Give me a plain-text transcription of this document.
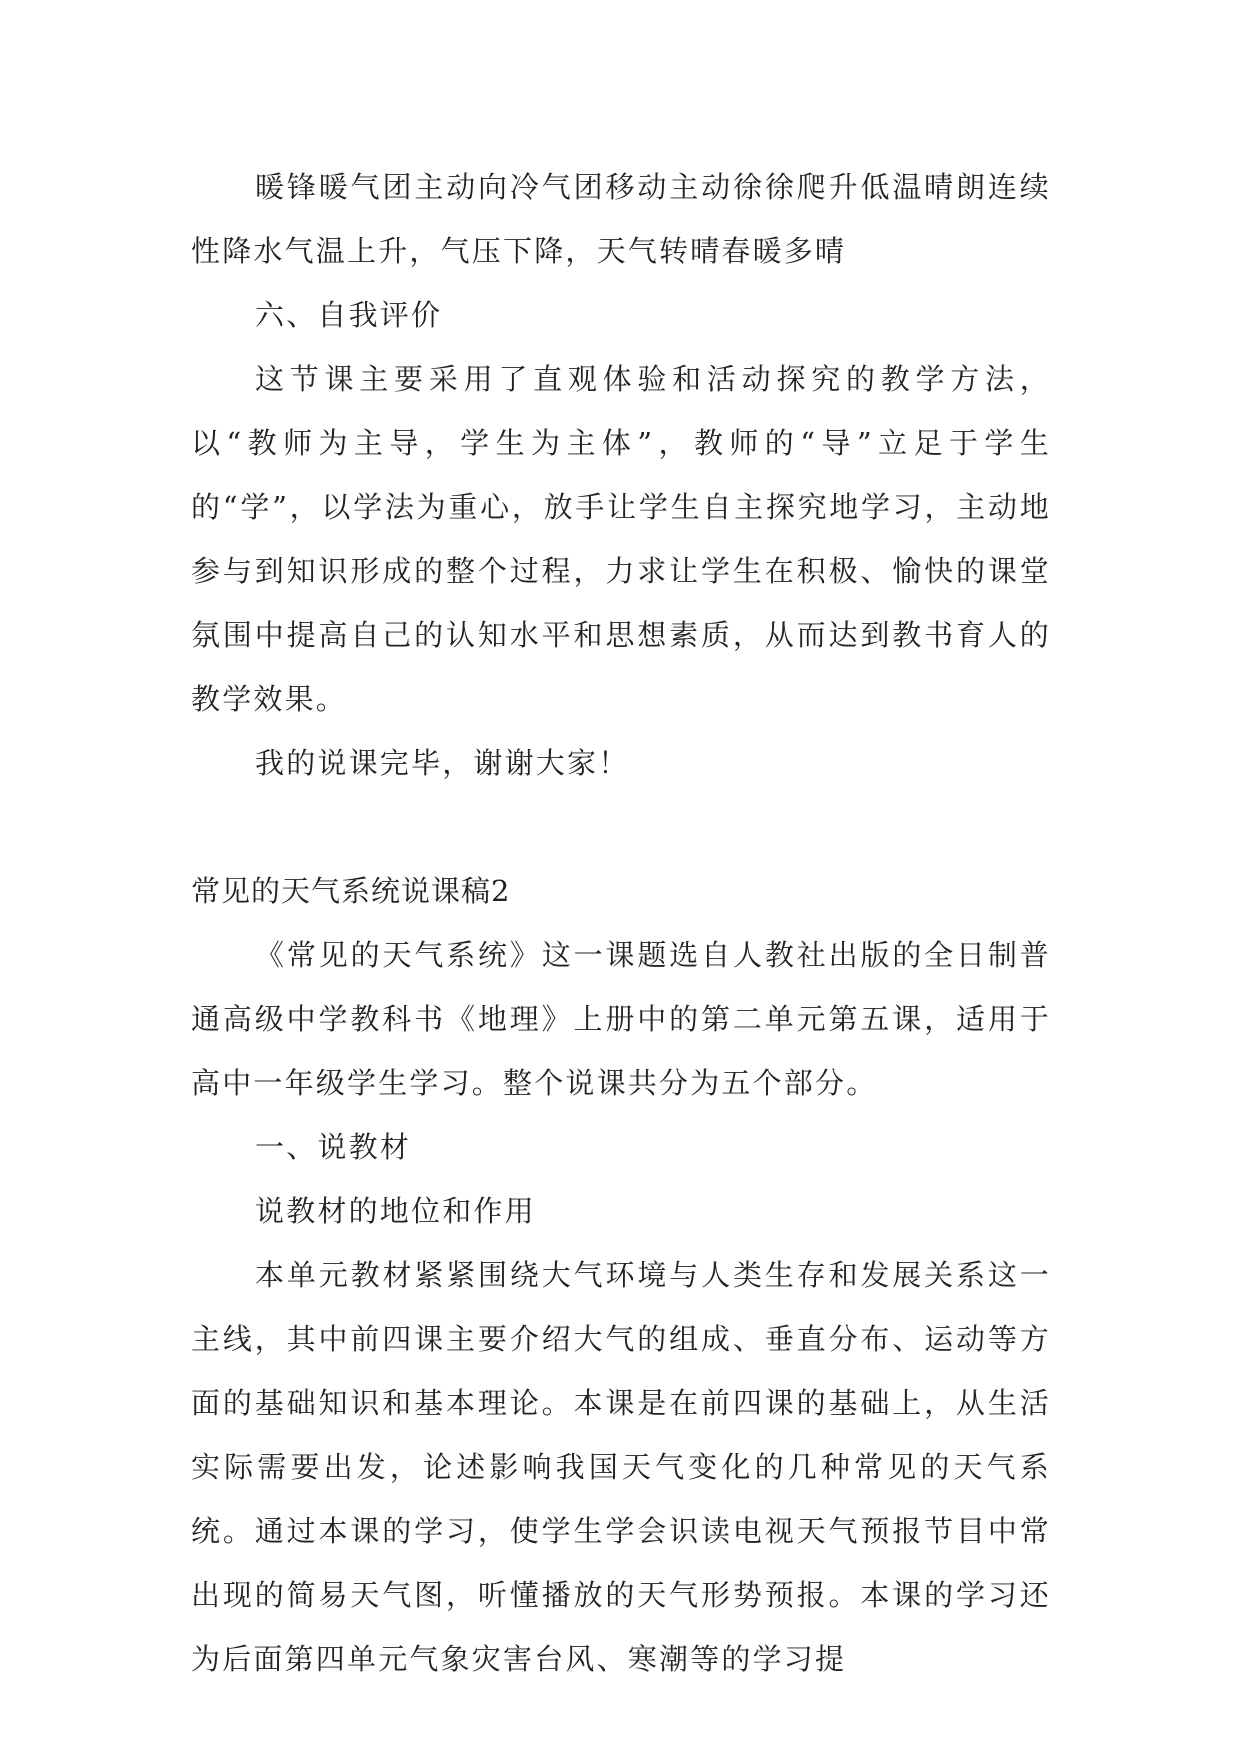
暖锋暖气团主动向冷气团移动主动徐徐爬升低温晴朗连续性降水气温上升，气压下降，天气转晴春暖多晴

六、自我评价

这节课主要采用了直观体验和活动探究的教学方法，以“教师为主导，学生为主体”，教师的“导”立足于学生的“学”，以学法为重心，放手让学生自主探究地学习，主动地参与到知识形成的整个过程，力求让学生在积极、愉快的课堂氛围中提高自己的认知水平和思想素质，从而达到教书育人的教学效果。

我的说课完毕，谢谢大家！

常见的天气系统说课稿2

《常见的天气系统》这一课题选自人教社出版的全日制普通高级中学教科书《地理》上册中的第二单元第五课，适用于高中一年级学生学习。整个说课共分为五个部分。

一、说教材

说教材的地位和作用

本单元教材紧紧围绕大气环境与人类生存和发展关系这一主线，其中前四课主要介绍大气的组成、垂直分布、运动等方面的基础知识和基本理论。本课是在前四课的基础上，从生活实际需要出发，论述影响我国天气变化的几种常见的天气系统。通过本课的学习，使学生学会识读电视天气预报节目中常出现的简易天气图，听懂播放的天气形势预报。本课的学习还为后面第四单元气象灾害台风、寒潮等的学习提
